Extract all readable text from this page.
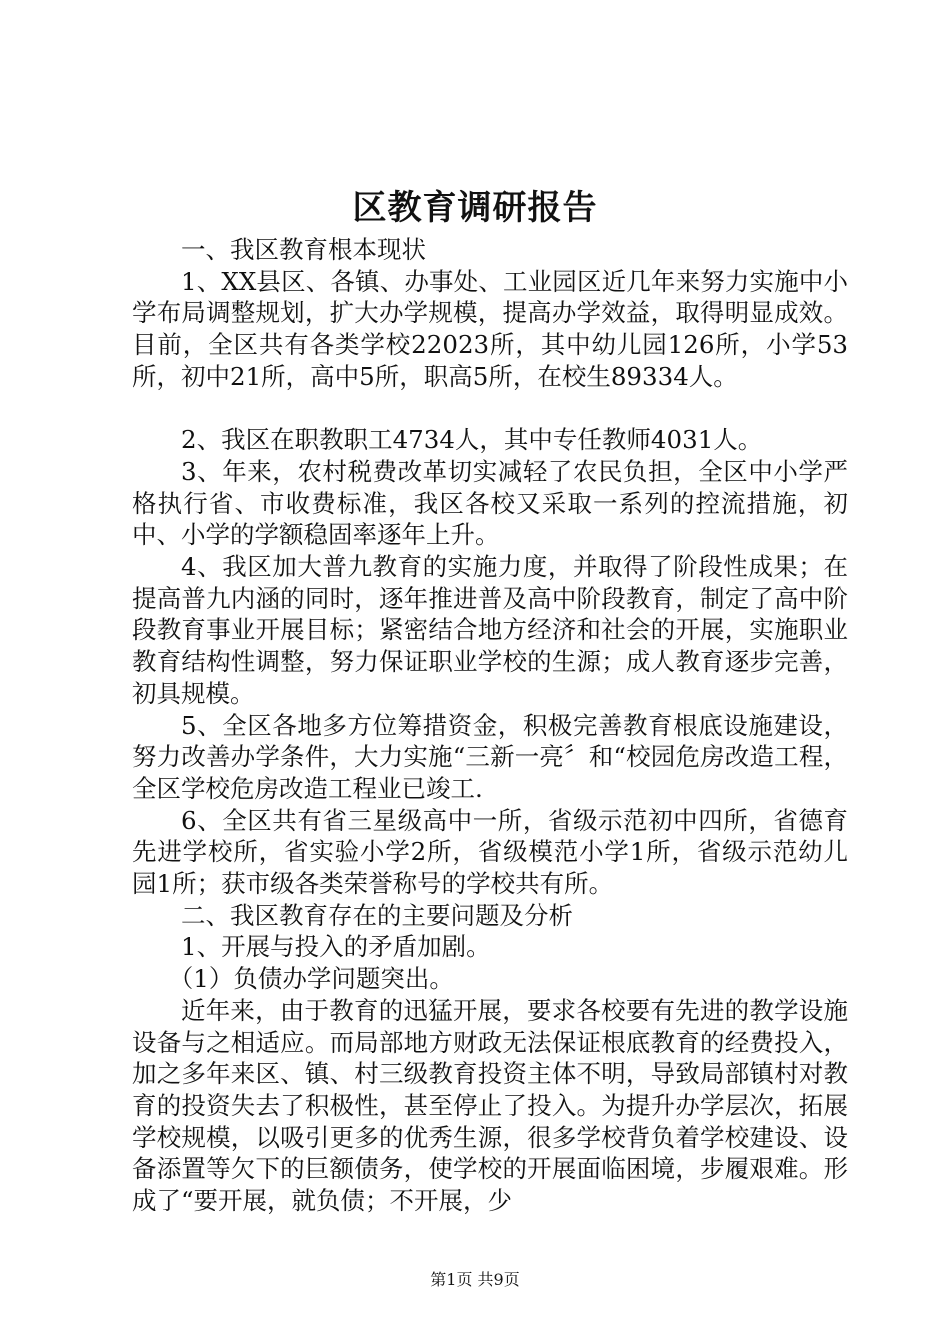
区教育调研报告

一、我区教育根本现状

1、XX县区、各镇、办事处、工业园区近几年来努力实施中小学布局调整规划，扩大办学规模，提高办学效益，取得明显成效。目前，全区共有各类学校22023所，其中幼儿园126所，小学53所，初中21所，高中5所，职高5所，在校生89334人。

2、我区在职教职工4734人，其中专任教师4031人。

3、年来，农村税费改革切实减轻了农民负担，全区中小学严格执行省、市收费标准，我区各校又采取一系列的控流措施，初中、小学的学额稳固率逐年上升。

4、我区加大普九教育的实施力度，并取得了阶段性成果；在提高普九内涵的同时，逐年推进普及高中阶段教育，制定了高中阶段教育事业开展目标；紧密结合地方经济和社会的开展，实施职业教育结构性调整，努力保证职业学校的生源；成人教育逐步完善，初具规模。

5、全区各地多方位筹措资金，积极完善教育根底设施建设，努力改善办学条件，大力实施“三新一亮〞和“校园危房改造工程，全区学校危房改造工程业已竣工.

6、全区共有省三星级高中一所，省级示范初中四所，省德育先进学校所，省实验小学2所，省级模范小学1所，省级示范幼儿园1所；获市级各类荣誉称号的学校共有所。

二、我区教育存在的主要问题及分析

1、开展与投入的矛盾加剧。

（1）负债办学问题突出。

近年来，由于教育的迅猛开展，要求各校要有先进的教学设施设备与之相适应。而局部地方财政无法保证根底教育的经费投入，加之多年来区、镇、村三级教育投资主体不明，导致局部镇村对教育的投资失去了积极性，甚至停止了投入。为提升办学层次，拓展学校规模，以吸引更多的优秀生源，很多学校背负着学校建设、设备添置等欠下的巨额债务，使学校的开展面临困境，步履艰难。形成了“要开展，就负债；不开展，少

第1页 共9页
